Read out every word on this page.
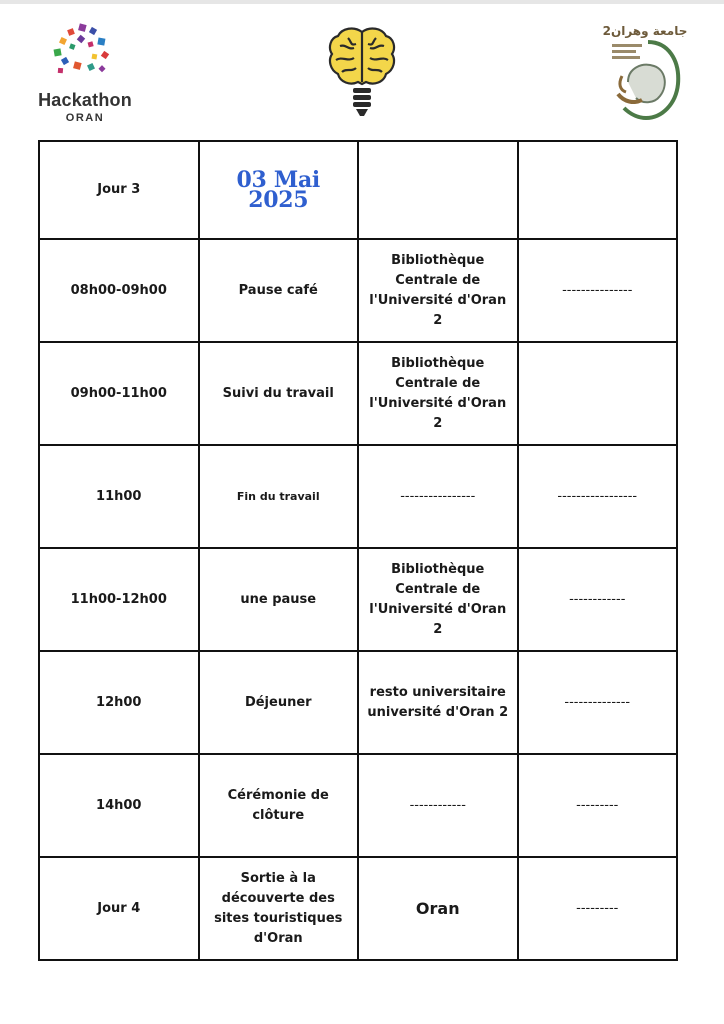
Hackathon
ORAN
جامعة وهران2
Jour 3	03 Mai 2025		
08h00-09h00	Pause café	Bibliothèque Centrale de l'Université d'Oran 2	---------------
09h00-11h00	Suivi du travail	Bibliothèque Centrale de l'Université d'Oran 2	
11h00	Fin du travail	----------------	-----------------
11h00-12h00	une pause	Bibliothèque Centrale de l'Université d'Oran 2	------------
12h00	Déjeuner	resto universitaire université d'Oran 2	--------------
14h00	Cérémonie de clôture	------------	---------
Jour 4	Sortie à la découverte des sites touristiques d'Oran	Oran	---------
